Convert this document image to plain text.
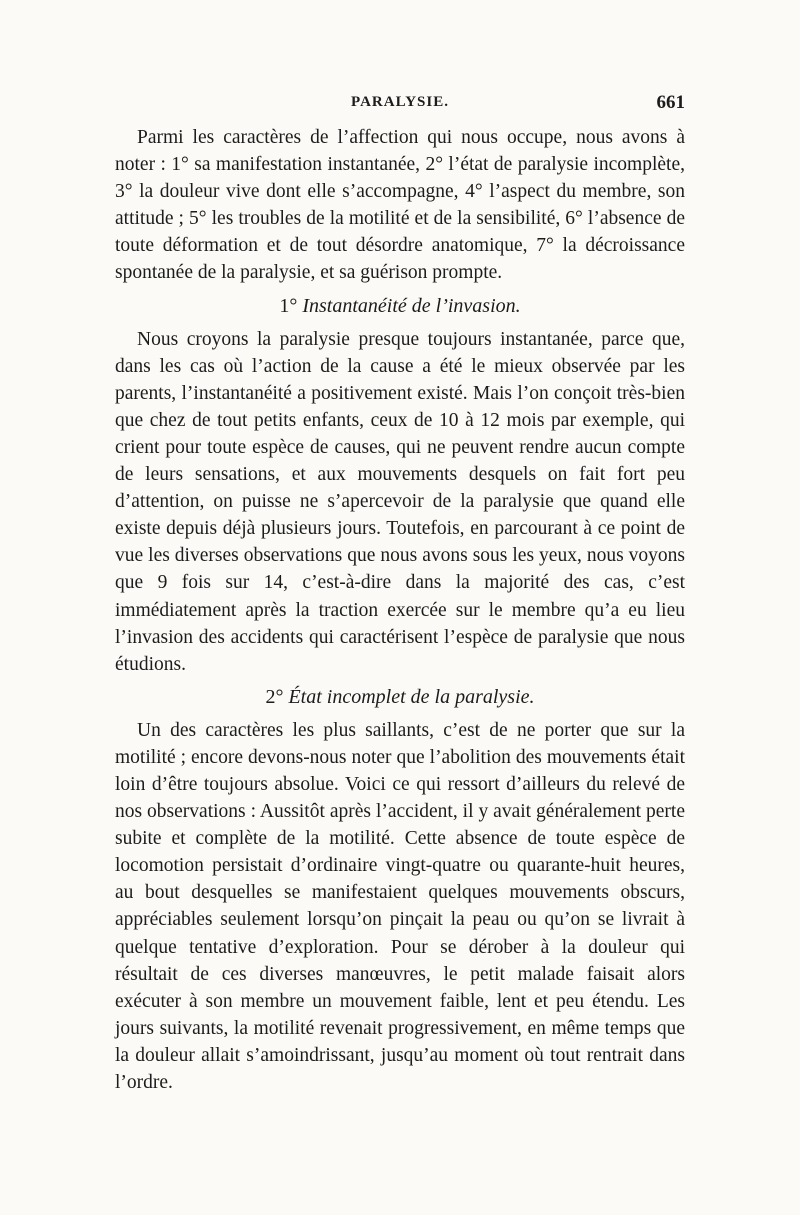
PARALYSIE.	661

Parmi les caractères de l’affection qui nous occupe, nous avons à noter : 1° sa manifestation instantanée, 2° l’état de paralysie incomplète, 3° la douleur vive dont elle s’accompagne, 4° l’aspect du membre, son attitude ; 5° les troubles de la motilité et de la sensibilité, 6° l’absence de toute déformation et de tout désordre anatomique, 7° la décroissance spontanée de la paralysie, et sa guérison prompte.

1° Instantanéité de l’invasion.

Nous croyons la paralysie presque toujours instantanée, parce que, dans les cas où l’action de la cause a été le mieux observée par les parents, l’instantanéité a positivement existé. Mais l’on conçoit très-bien que chez de tout petits enfants, ceux de 10 à 12 mois par exemple, qui crient pour toute espèce de causes, qui ne peuvent rendre aucun compte de leurs sensations, et aux mouvements desquels on fait fort peu d’attention, on puisse ne s’apercevoir de la paralysie que quand elle existe depuis déjà plusieurs jours. Toutefois, en parcourant à ce point de vue les diverses observations que nous avons sous les yeux, nous voyons que 9 fois sur 14, c’est-à-dire dans la majorité des cas, c’est immédiatement après la traction exercée sur le membre qu’a eu lieu l’invasion des accidents qui caractérisent l’espèce de paralysie que nous étudions.

2° État incomplet de la paralysie.

Un des caractères les plus saillants, c’est de ne porter que sur la motilité ; encore devons-nous noter que l’abolition des mouvements était loin d’être toujours absolue. Voici ce qui ressort d’ailleurs du relevé de nos observations : Aussitôt après l’accident, il y avait généralement perte subite et complète de la motilité. Cette absence de toute espèce de locomotion persistait d’ordinaire vingt-quatre ou quarante-huit heures, au bout desquelles se manifestaient quelques mouvements obscurs, appréciables seulement lorsqu’on pinçait la peau ou qu’on se livrait à quelque tentative d’exploration. Pour se dérober à la douleur qui résultait de ces diverses manœuvres, le petit malade faisait alors exécuter à son membre un mouvement faible, lent et peu étendu. Les jours suivants, la motilité revenait progressivement, en même temps que la douleur allait s’amoindrissant, jusqu’au moment où tout rentrait dans l’ordre.
